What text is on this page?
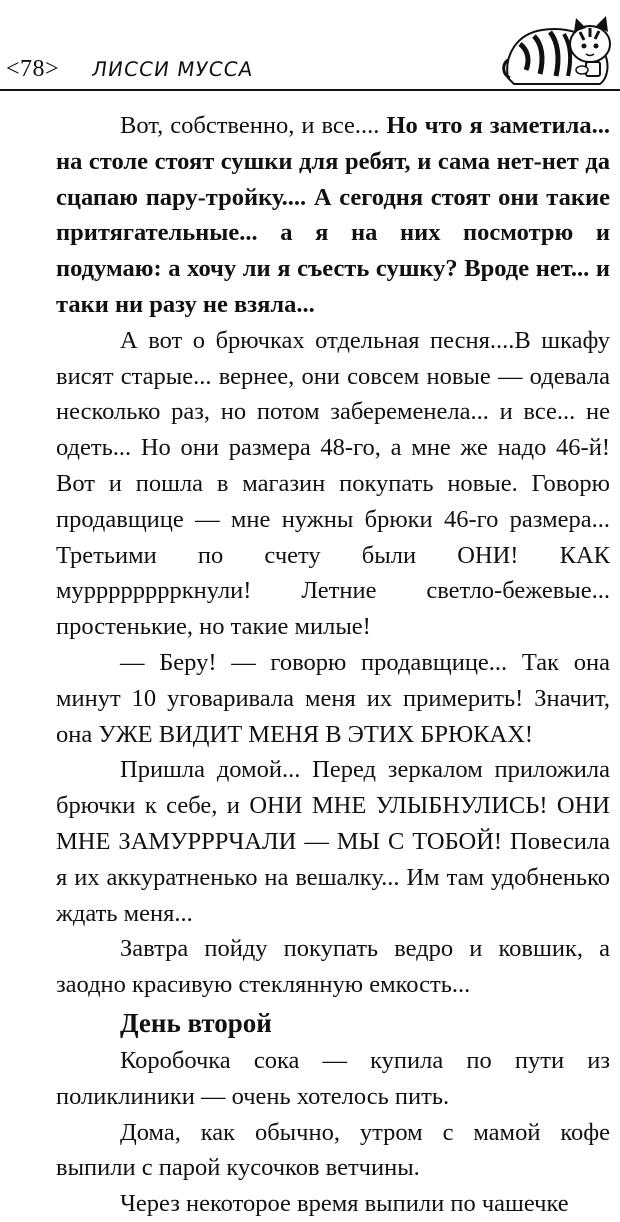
<78> ЛИССИ МУССА

Вот, собственно, и все.... Но что я заметила... на столе стоят сушки для ребят, и сама нет-нет да сцапаю пару-тройку.... А сегодня стоят они такие притягательные... а я на них посмотрю и подумаю: а хочу ли я съесть сушку? Вроде нет... и таки ни разу не взяла...

А вот о брючках отдельная песня....В шкафу висят старые... вернее, они совсем новые — одевала несколько раз, но потом забеременела... и все... не одеть... Но они размера 48-го, а мне же надо 46-й! Вот и пошла в магазин покупать новые. Говорю продавщице — мне нужны брюки 46-го размера... Третьими по счету были ОНИ! КАК мурррррррркнули! Летние светло-бежевые... простенькие, но такие милые!

— Беру! — говорю продавщице... Так она минут 10 уговаривала меня их примерить! Значит, она УЖЕ ВИДИТ МЕНЯ В ЭТИХ БРЮКАХ!

Пришла домой... Перед зеркалом приложила брючки к себе, и ОНИ МНЕ УЛЫБНУЛИСЬ! ОНИ МНЕ ЗАМУРРРЧАЛИ — МЫ С ТОБОЙ! Повесила я их аккуратненько на вешалку... Им там удобненько ждать меня...

Завтра пойду покупать ведро и ковшик, а заодно красивую стеклянную емкость...

День второй

Коробочка сока — купила по пути из поликлиники — очень хотелось пить.

Дома, как обычно, утром с мамой кофе выпили с парой кусочков ветчины.

Через некоторое время выпили по чашечке
